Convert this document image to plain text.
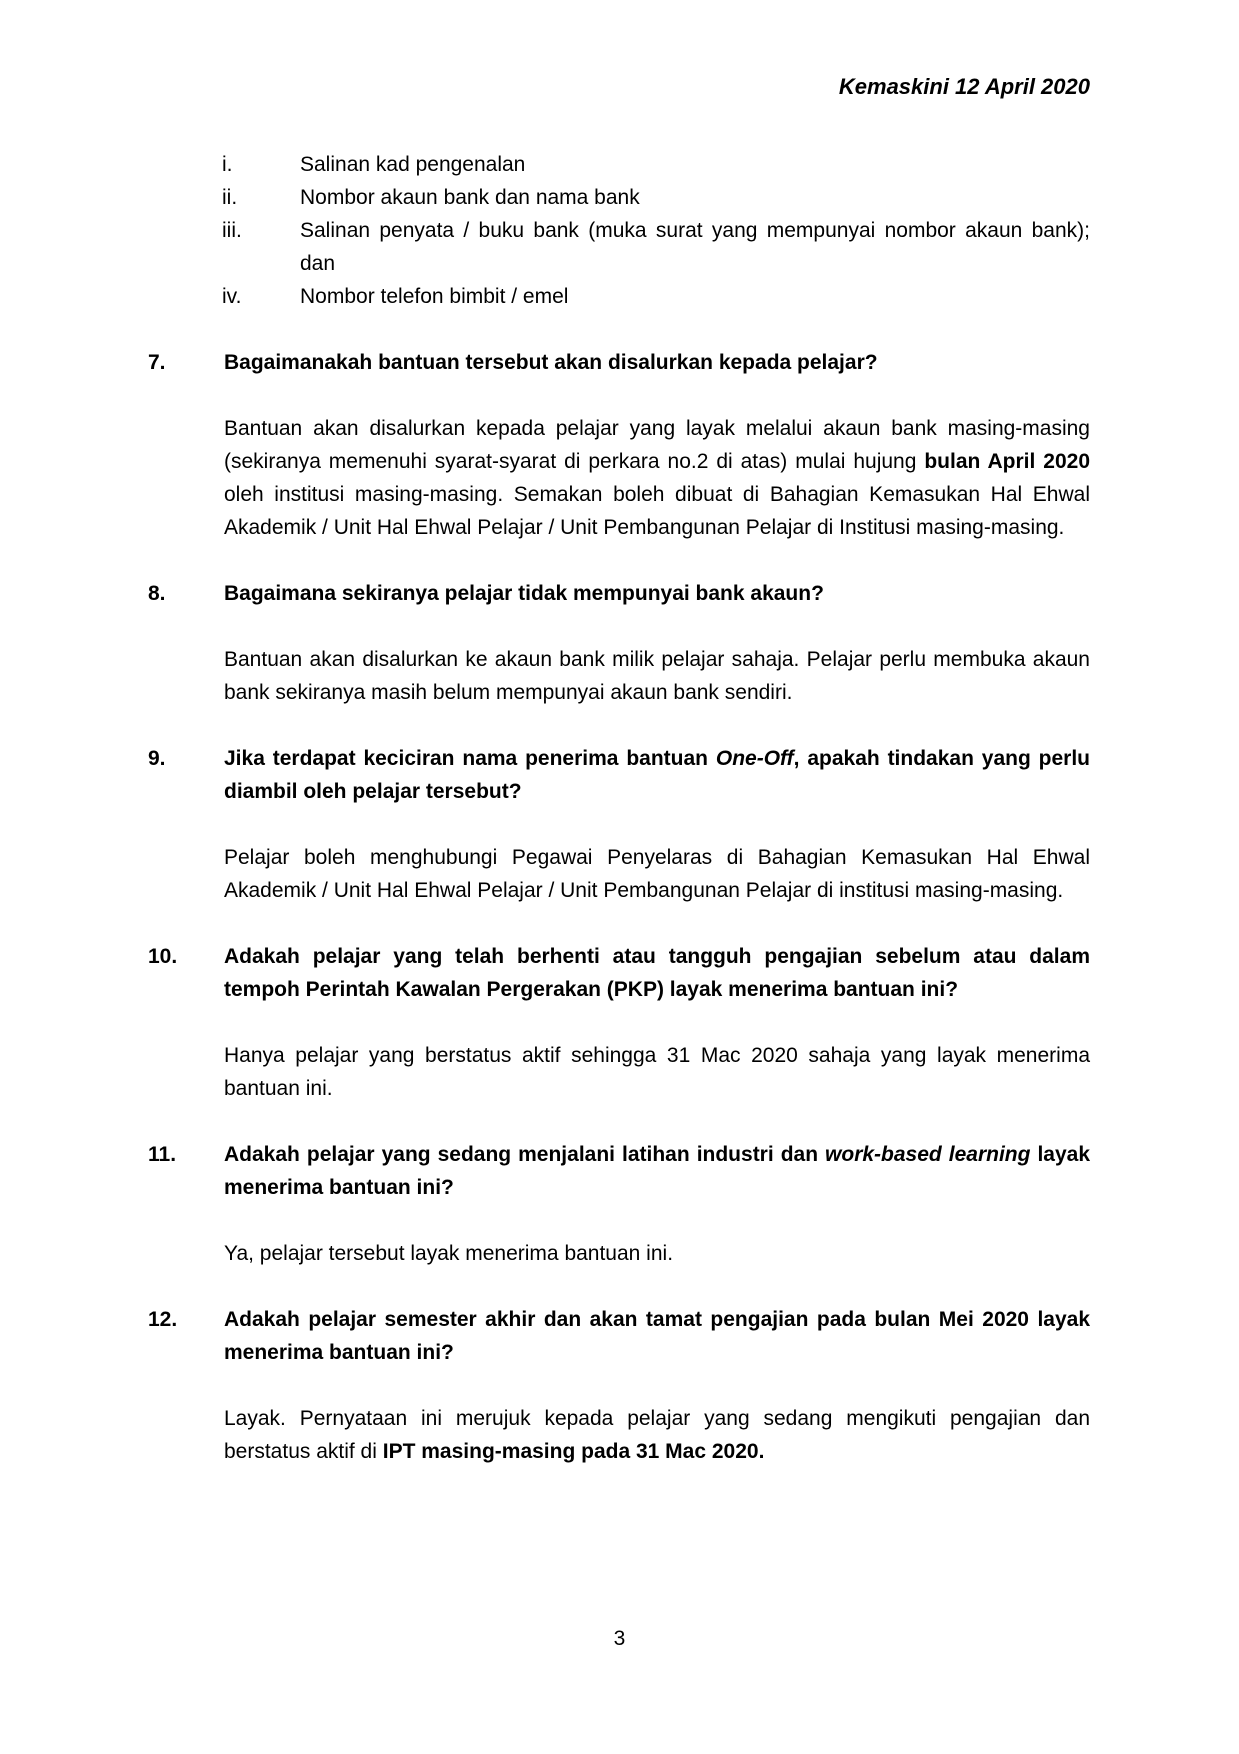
Kemaskini 12 April 2020
i.	Salinan kad pengenalan
ii.	Nombor akaun bank dan nama bank
iii.	Salinan penyata / buku bank (muka surat yang mempunyai nombor akaun bank); dan
iv.	Nombor telefon bimbit / emel
7.	Bagaimanakah bantuan tersebut akan disalurkan kepada pelajar?
Bantuan akan disalurkan kepada pelajar yang layak melalui akaun bank masing-masing (sekiranya memenuhi syarat-syarat di perkara no.2 di atas) mulai hujung bulan April 2020 oleh institusi masing-masing. Semakan boleh dibuat di Bahagian Kemasukan Hal Ehwal Akademik / Unit Hal Ehwal Pelajar / Unit Pembangunan Pelajar di Institusi masing-masing.
8.	Bagaimana sekiranya pelajar tidak mempunyai bank akaun?
Bantuan akan disalurkan ke akaun bank milik pelajar sahaja. Pelajar perlu membuka akaun bank sekiranya masih belum mempunyai akaun bank sendiri.
9.	Jika terdapat keciciran nama penerima bantuan One-Off, apakah tindakan yang perlu diambil oleh pelajar tersebut?
Pelajar boleh menghubungi Pegawai Penyelaras di Bahagian Kemasukan Hal Ehwal Akademik / Unit Hal Ehwal Pelajar / Unit Pembangunan Pelajar di institusi masing-masing.
10.	Adakah pelajar yang telah berhenti atau tangguh pengajian sebelum atau dalam tempoh Perintah Kawalan Pergerakan (PKP) layak menerima bantuan ini?
Hanya pelajar yang berstatus aktif sehingga 31 Mac 2020 sahaja yang layak menerima bantuan ini.
11.	Adakah pelajar yang sedang menjalani latihan industri dan work-based learning layak menerima bantuan ini?
Ya, pelajar tersebut layak menerima bantuan ini.
12.	Adakah pelajar semester akhir dan akan tamat pengajian pada bulan Mei 2020 layak menerima bantuan ini?
Layak. Pernyataan ini merujuk kepada pelajar yang sedang mengikuti pengajian dan berstatus aktif di IPT masing-masing pada 31 Mac 2020.
3
